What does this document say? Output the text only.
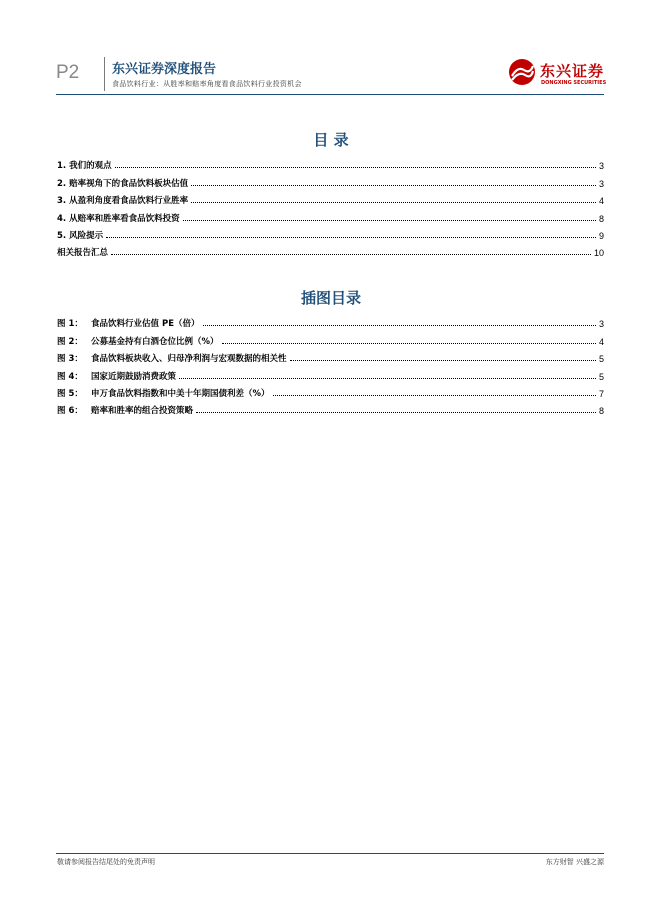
P2	东兴证券深度报告
食品饮料行业：从胜率和赔率角度看食品饮料行业投资机会
东兴证券
DONGXING SECURITIES
目 录
1. 我们的观点	3
2. 赔率视角下的食品饮料板块估值	3
3. 从盈利角度看食品饮料行业胜率	4
4. 从赔率和胜率看食品饮料投资	8
5. 风险提示	9
相关报告汇总	10
插图目录
图 1： 食品饮料行业估值 PE（倍）	3
图 2： 公募基金持有白酒仓位比例（%）	4
图 3： 食品饮料板块收入、归母净利润与宏观数据的相关性	5
图 4： 国家近期鼓励消费政策	5
图 5： 申万食品饮料指数和中美十年期国债利差（%）	7
图 6： 赔率和胜率的组合投资策略	8
敬请参阅报告结尾处的免责声明	东方财智 兴盛之源
